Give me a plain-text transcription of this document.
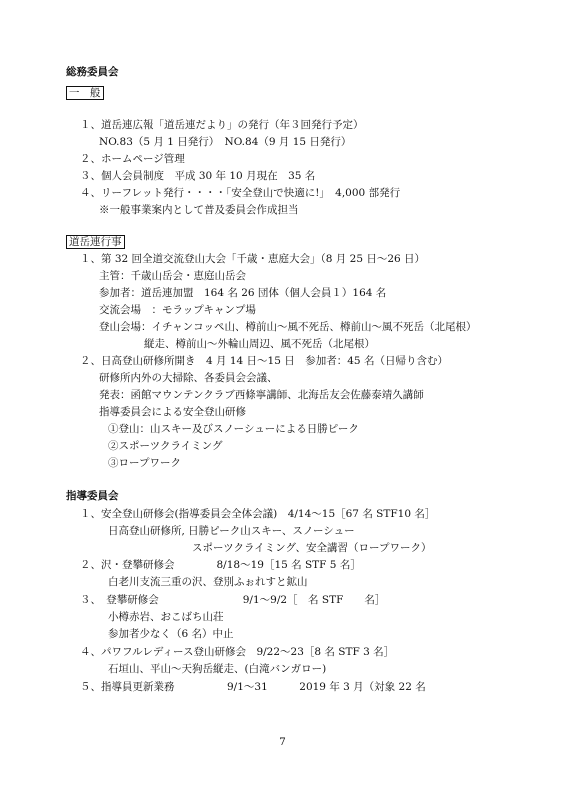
総務委員会
一　般
１、道岳連広報「道岳連だより」の発行（年３回発行予定）
NO.83（5 月 1 日発行）　NO.84（9 月 15 日発行）
２、ホームページ管理
３、個人会員制度　平成 30 年 10 月現在　35 名
４、リーフレット発行・・・・「安全登山で快適に!」　4,000 部発行
※一般事業案内として普及委員会作成担当
道岳連行事
１、第 32 回全道交流登山大会「千歳・恵庭大会」（8 月 25 日～26 日）
主管：千歳山岳会・恵庭山岳会
参加者：道岳連加盟　164 名 26 団体（個人会員１）164 名
交流会場　：モラップキャンプ場
登山会場：イチャンコッペ山、樽前山～風不死岳、樽前山～風不死岳（北尾根）
縦走、樽前山～外輪山周辺、風不死岳（北尾根）
２、日高登山研修所開き　4 月 14 日～15 日　参加者：45 名（日帰り含む）
研修所内外の大掃除、各委員会会議、
発表：函館マウンテンクラブ西條寧講師、北海岳友会佐藤泰靖久講師
指導委員会による安全登山研修
①登山：山スキー及びスノーシューによる日勝ピーク
②スポーツクライミング
③ロープワーク
指導委員会
１、安全登山研修会(指導委員会全体会議)　4/14～15［67 名 STF10 名］
日高登山研修所, 日勝ピーク山スキー、スノーシュー
スポーツクライミング、安全講習（ロープワーク）
２、沢・登攀研修会　　　　8/18～19［15 名 STF 5 名］
白老川支流三重の沢、登別ふぉれすと鉱山
３、　登攀研修会　　　　　　　　9/1～9/2［　名 STF　　名］
小樽赤岩、おこばち山荘
参加者少なく（6 名）中止
４、パワフルレディース登山研修会　9/22～23［8 名 STF 3 名］
石垣山、平山～天狗岳縦走、(白滝バンガロー)
５、指導員更新業務　　　　　9/1～31　　　2019 年 3 月（対象 22 名
7
